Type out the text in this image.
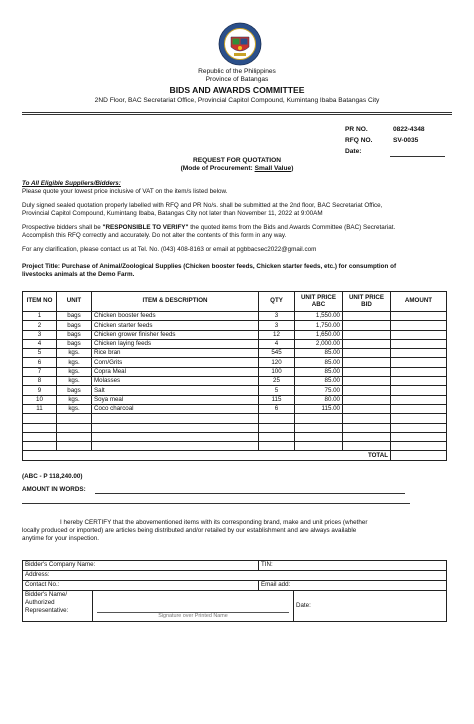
Republic of the Philippines
Province of Batangas
BIDS AND AWARDS COMMITTEE
2ND Floor, BAC Secretariat Office, Provincial Capitol Compound, Kumintang Ibaba Batangas City
PR NO.	0822-4348
RFQ NO.	SV-0035
Date:
REQUEST FOR QUOTATION
(Mode of Procurement: Small Value)
To All Eligible Suppliers/Bidders:
Please quote your lowest price inclusive of VAT on the item/s listed below.
Duly signed sealed quotation properly labelled with RFQ and PR No/s. shall be submitted at the 2nd floor, BAC Secretariat Office,
Provincial Capitol Compound, Kumintang Ibaba, Batangas City not later than November 11, 2022 at 9:00AM
Prospective bidders shall be "RESPONSIBLE TO VERIFY" the quoted items from the Bids and Awards Committee (BAC) Secretariat.
Accomplish this RFQ correctly and accurately. Do not alter the contents of this form in any way.
For any clarification, please contact us at Tel. No. (043) 408-8163 or email at pgbbacsec2022@gmail.com
Project Title: Purchase of Animal/Zoological Supplies (Chicken booster feeds, Chicken starter feeds, etc.) for consumption of
livestocks animals at the Demo Farm.
ITEM NO	UNIT	ITEM & DESCRIPTION	QTY	UNIT PRICE ABC	UNIT PRICE BID	AMOUNT
1	bags	Chicken booster feeds	3	1,550.00		
2	bags	Chicken starter feeds	3	1,750.00		
3	bags	Chicken grower finisher feeds	12	1,650.00		
4	bags	Chicken laying feeds	4	2,000.00		
5	kgs.	Rice bran	545	85.00		
6	kgs.	Corn/Grits	120	85.00		
7	kgs.	Copra Meal	100	85.00		
8	kgs.	Molasses	25	85.00		
9	bags	Salt	5	75.00		
10	kgs.	Soya meal	115	80.00		
11	kgs.	Coco charcoal	6	115.00		

					TOTAL	
(ABC - P 118,240.00)
AMOUNT IN WORDS:
I hereby CERTIFY that the abovementioned items with its corresponding brand, make and unit prices (whether
locally produced or imported) are articles being distributed and/or retailed by our establishment and are always available
anytime for your inspection.
Bidder's Company Name:		TIN:	
Address:			
Contact No.:		Email add:	

Bidder's Name/
Authorized
Representative:	Signature over Printed Name		Date:
